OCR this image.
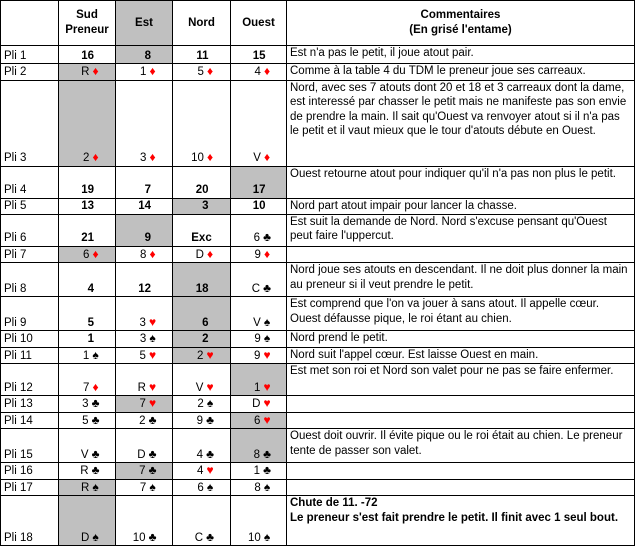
	Sud
Preneur	Est	Nord	Ouest	Commentaires
(En grisé l'entame)
Pli 1	16	8	11	15	Est n'a pas le petit, il joue atout pair.

Pli 2	R ♦	1 ♦	5 ♦	4 ♦	Comme à la table 4 du TDM le preneur joue ses carreaux.

Pli 3	2 ♦	3 ♦	10 ♦	V ♦	Nord, avec ses 7 atouts dont 20 et 18 et 3 carreaux dont la dame, est interessé par chasser le petit mais ne manifeste pas son envie de prendre la main. Il sait qu'Ouest va renvoyer atout si il n'a pas le petit et il vaut mieux que le tour d'atouts débute en Ouest.

Pli 4	19	7	20	17	Ouest retourne atout pour indiquer qu'il n'a pas non plus le petit.

Pli 5	13	14	3	10	Nord part atout impair pour lancer la chasse.

Pli 6	21	9	Exc	6 ♣	Est suit la demande de Nord. Nord s'excuse pensant qu'Ouest peut faire l'uppercut.

Pli 7	6 ♦	8 ♦	D ♦	9 ♦	
Pli 8	4	12	18	C ♣	Nord joue ses atouts en descendant. Il ne doit plus donner la main au preneur si il veut prendre le petit.

Pli 9	5	3 ♥	6	V ♠	Est comprend que l'on va jouer à sans atout. Il appelle cœur. Ouest défausse pique, le roi étant au chien.

Pli 10	1	3 ♠	2	9 ♠	Nord prend le petit.

Pli 11	1 ♠	5 ♥	2 ♥	9 ♥	Nord suit l'appel cœur. Est laisse Ouest en main.

Pli 12	7 ♦	R ♥	V ♥	1 ♥	Est met son roi et Nord son valet pour ne pas se faire enfermer.

Pli 13	3 ♣	7 ♥	2 ♠	D ♥	
Pli 14	5 ♣	2 ♣	9 ♣	6 ♥	
Pli 15	V ♣	D ♣	4 ♣	8 ♣	Ouest doit ouvrir. Il évite pique ou le roi était au chien. Le preneur tente de passer son valet.

Pli 16	R ♣	7 ♣	4 ♥	1 ♣	
Pli 17	R ♠	7 ♠	6 ♠	8 ♠	
Pli 18	D ♠	10 ♣	C ♣	10 ♠	Chute de 11. -72
Le preneur s'est fait prendre le petit. Il finit avec 1 seul bout.
